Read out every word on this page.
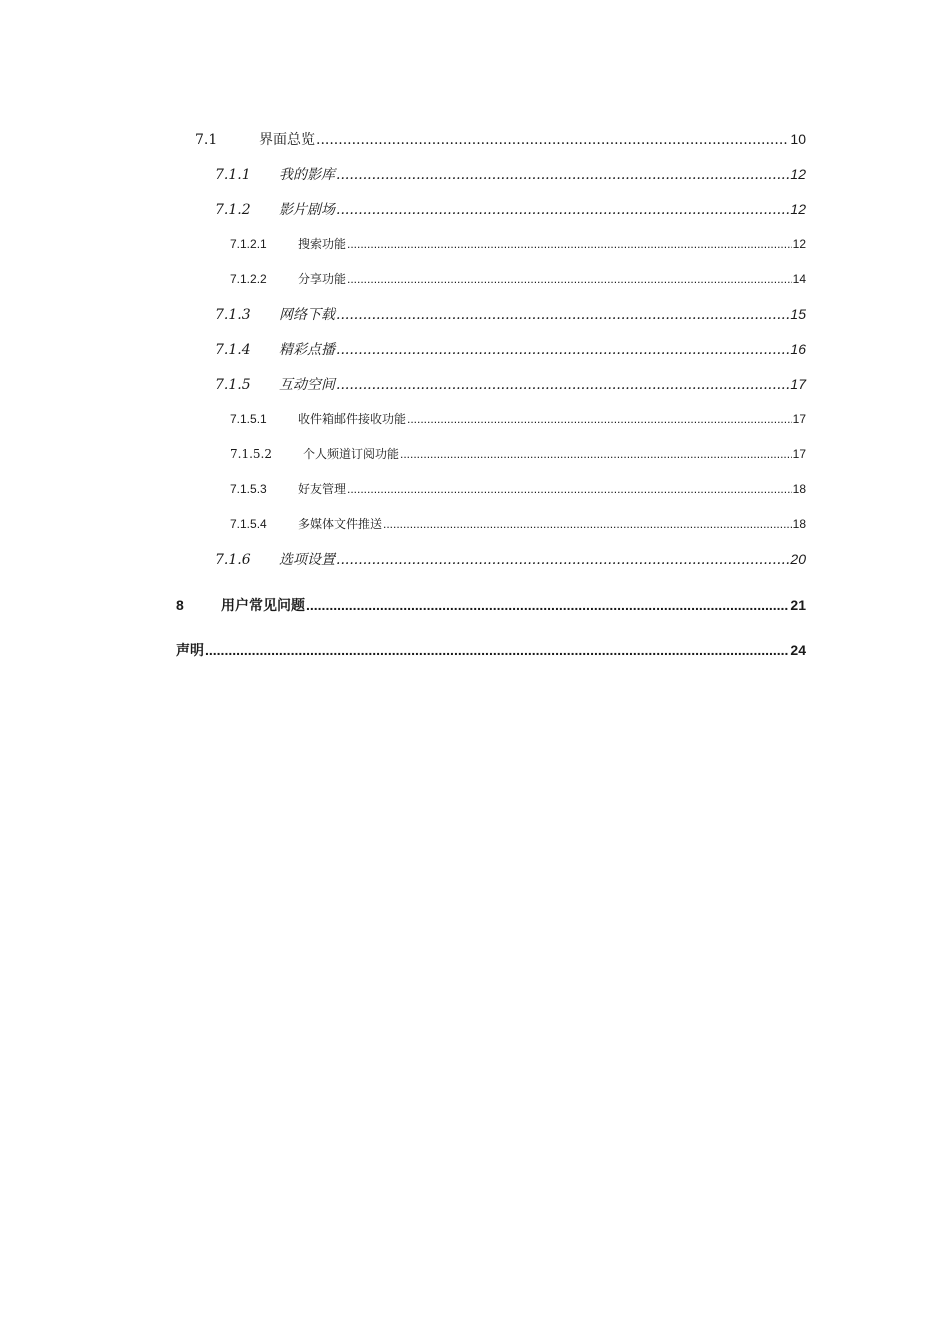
7.1	界面总览 .....	10
7.1.1	我的影库 .....	12
7.1.2	影片剧场 .....	12
7.1.2.1	搜索功能 .....	12
7.1.2.2	分享功能 .....	14
7.1.3	网络下载 .....	15
7.1.4	精彩点播 .....	16
7.1.5	互动空间 .....	17
7.1.5.1	收件箱邮件接收功能 .....	17
7.1.5.2	个人频道订阅功能 .....	17
7.1.5.3	好友管理 .....	18
7.1.5.4	多媒体文件推送 .....	18
7.1.6	选项设置 .....	20
8	用户常见问题 .....	21
声明 .....	24
